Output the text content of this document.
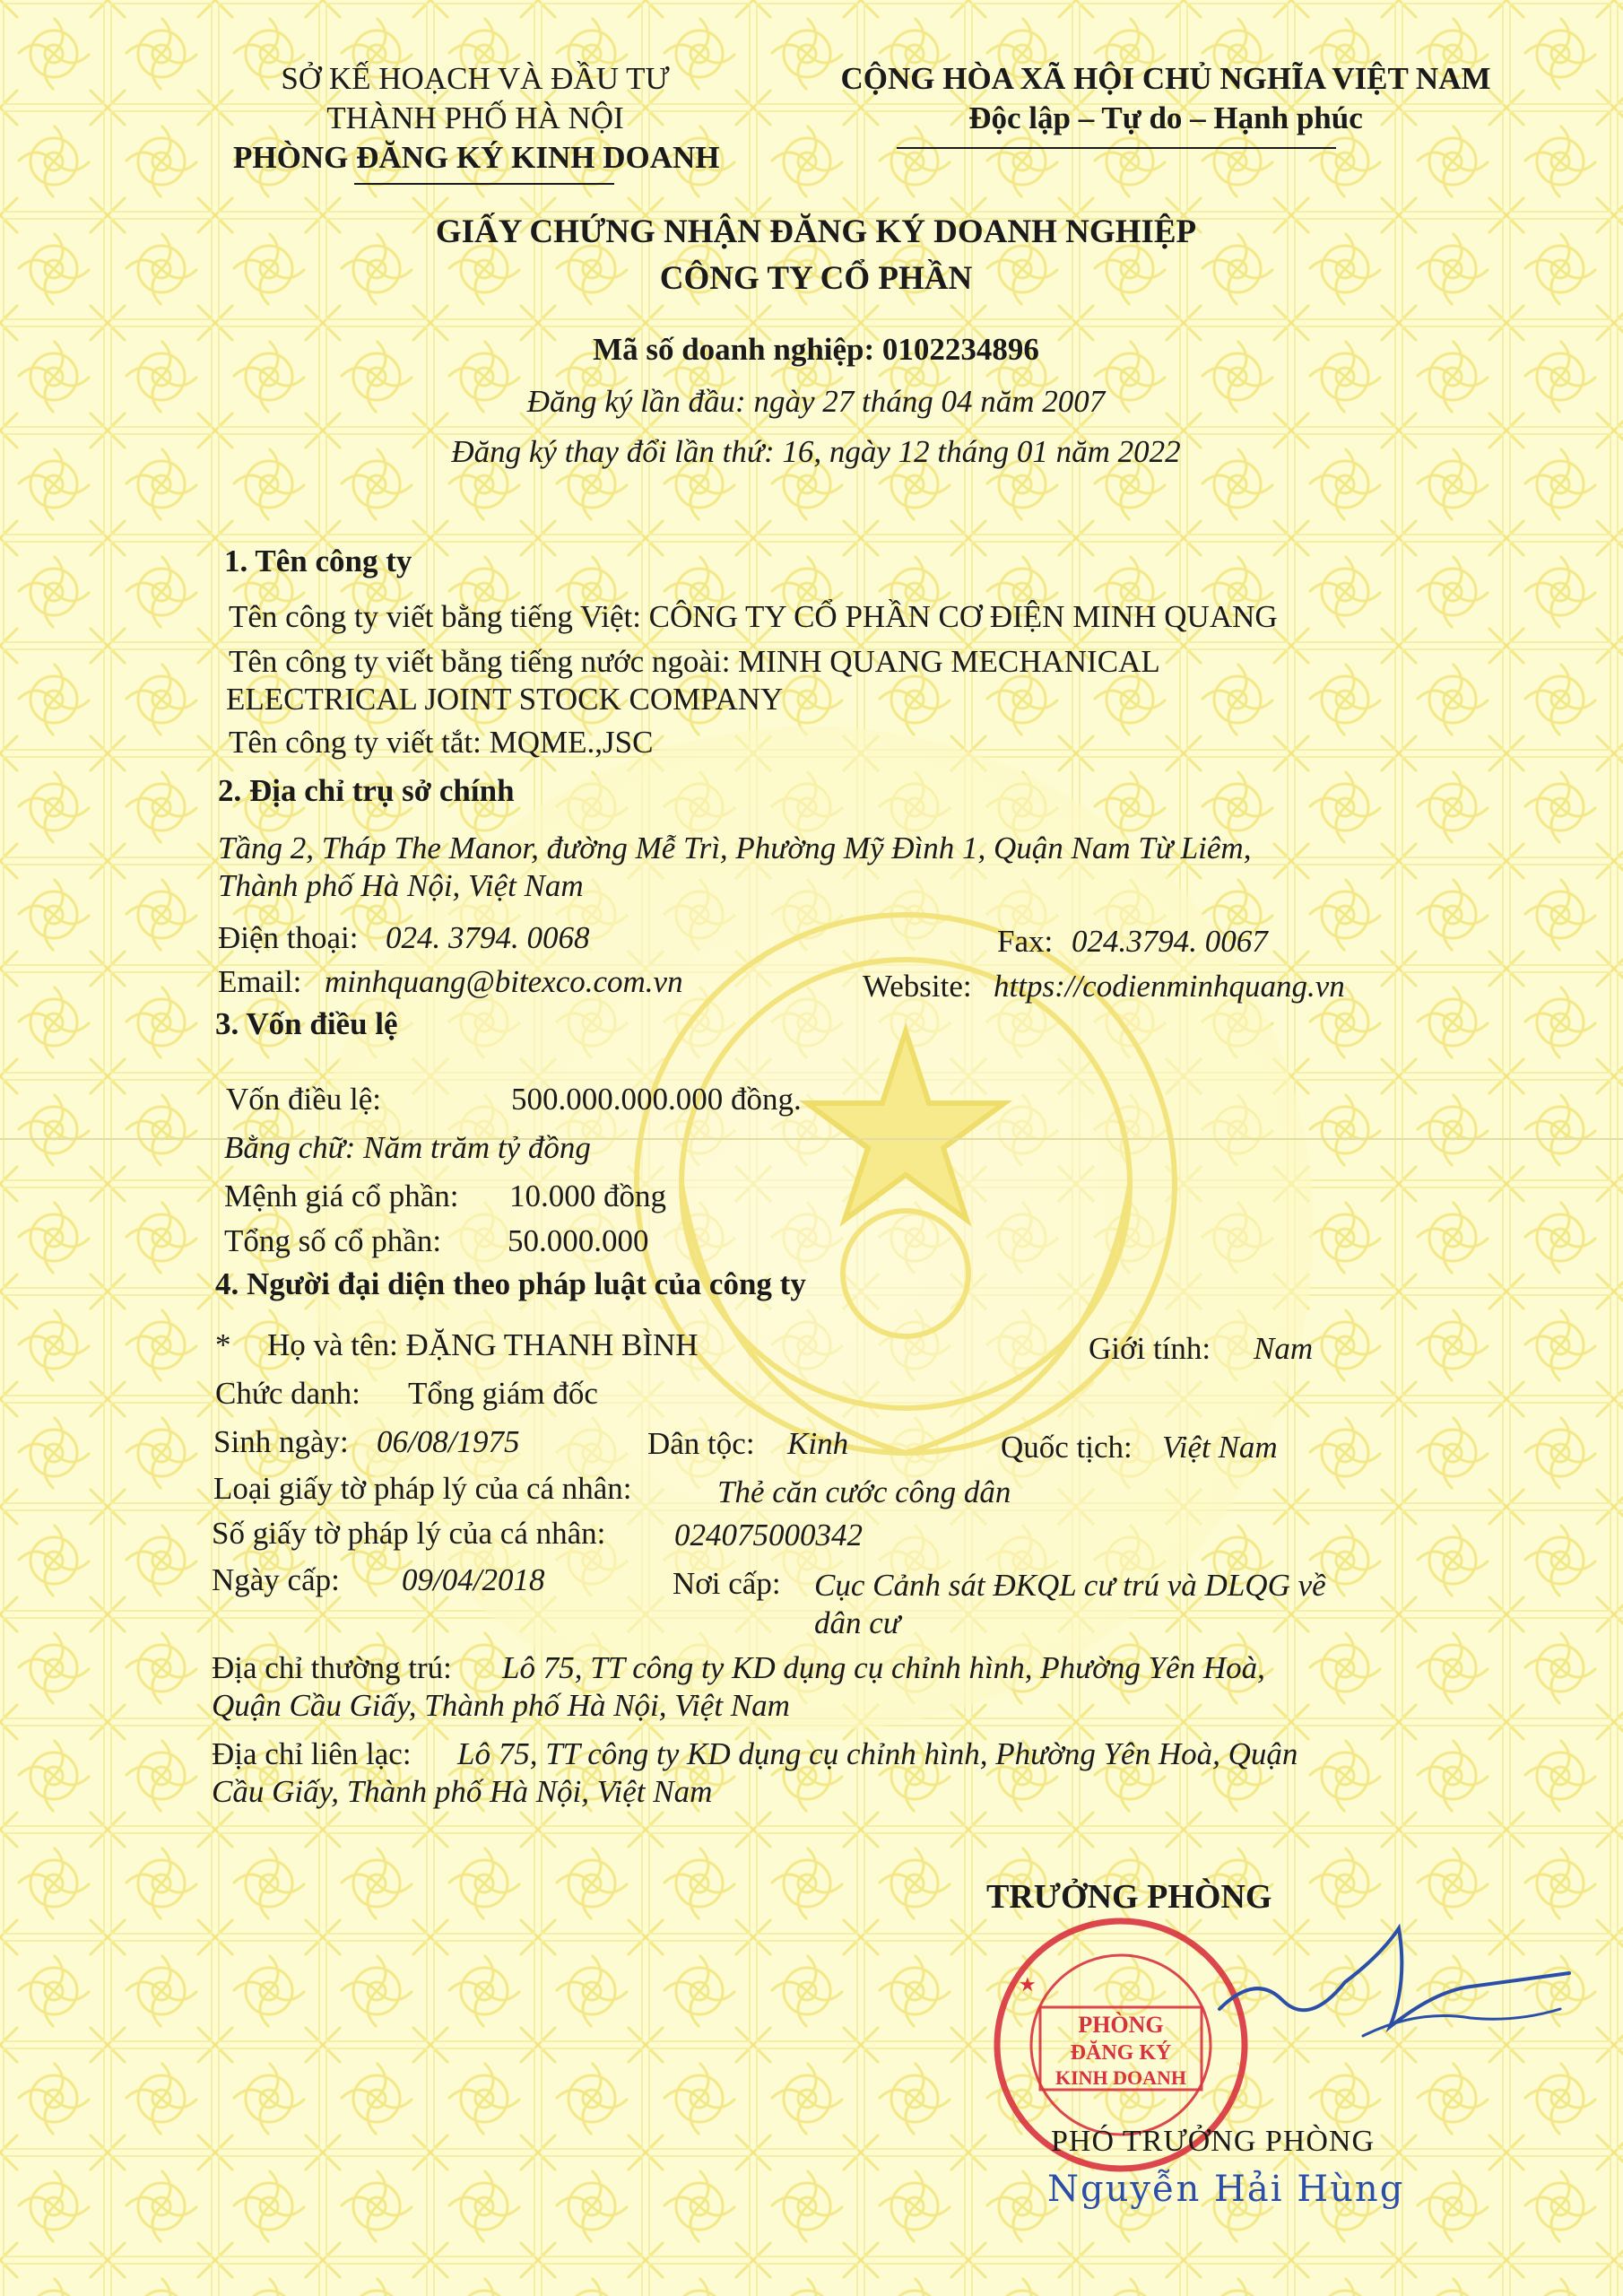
SỞ KẾ HOẠCH VÀ ĐẦU TƯ
THÀNH PHỐ HÀ NỘI
PHÒNG ĐĂNG KÝ KINH DOANH
CỘNG HÒA XÃ HỘI CHỦ NGHĨA VIỆT NAM
Độc lập – Tự do – Hạnh phúc
GIẤY CHỨNG NHẬN ĐĂNG KÝ DOANH NGHIỆP
CÔNG TY CỔ PHẦN
Mã số doanh nghiệp: 0102234896
Đăng ký lần đầu: ngày 27 tháng 04 năm 2007
Đăng ký thay đổi lần thứ: 16, ngày 12 tháng 01 năm 2022
1. Tên công ty
Tên công ty viết bằng tiếng Việt: CÔNG TY CỔ PHẦN CƠ ĐIỆN MINH QUANG
Tên công ty viết bằng tiếng nước ngoài: MINH QUANG MECHANICAL
ELECTRICAL JOINT STOCK COMPANY
Tên công ty viết tắt: MQME.,JSC
2. Địa chỉ trụ sở chính
Tầng 2, Tháp The Manor, đường Mễ Trì, Phường Mỹ Đình 1, Quận Nam Từ Liêm,
Thành phố Hà Nội, Việt Nam
Điện thoại: 024. 3794. 0068	Fax: 024.3794. 0067
Email: minhquang@bitexco.com.vn	Website: https://codienminhquang.vn
3. Vốn điều lệ
Vốn điều lệ:	500.000.000.000 đồng.
Bằng chữ: Năm trăm tỷ đồng
Mệnh giá cổ phần: 10.000 đồng
Tổng số cổ phần: 50.000.000
4. Người đại diện theo pháp luật của công ty
* Họ và tên: ĐẶNG THANH BÌNH	Giới tính: Nam
Chức danh: Tổng giám đốc
Sinh ngày: 06/08/1975	Dân tộc: Kinh	Quốc tịch: Việt Nam
Loại giấy tờ pháp lý của cá nhân:	Thẻ căn cước công dân
Số giấy tờ pháp lý của cá nhân: 024075000342
Ngày cấp: 09/04/2018	Nơi cấp: Cục Cảnh sát ĐKQL cư trú và DLQG về
dân cư
Địa chỉ thường trú: Lô 75, TT công ty KD dụng cụ chỉnh hình, Phường Yên Hoà,
Quận Cầu Giấy, Thành phố Hà Nội, Việt Nam
Địa chỉ liên lạc: Lô 75, TT công ty KD dụng cụ chỉnh hình, Phường Yên Hoà, Quận
Cầu Giấy, Thành phố Hà Nội, Việt Nam
TRƯỞNG PHÒNG
PHÒNG
ĐĂNG KÝ
KINH DOANH
★
PHÓ TRƯỞNG PHÒNG
Nguyễn Hải Hùng
